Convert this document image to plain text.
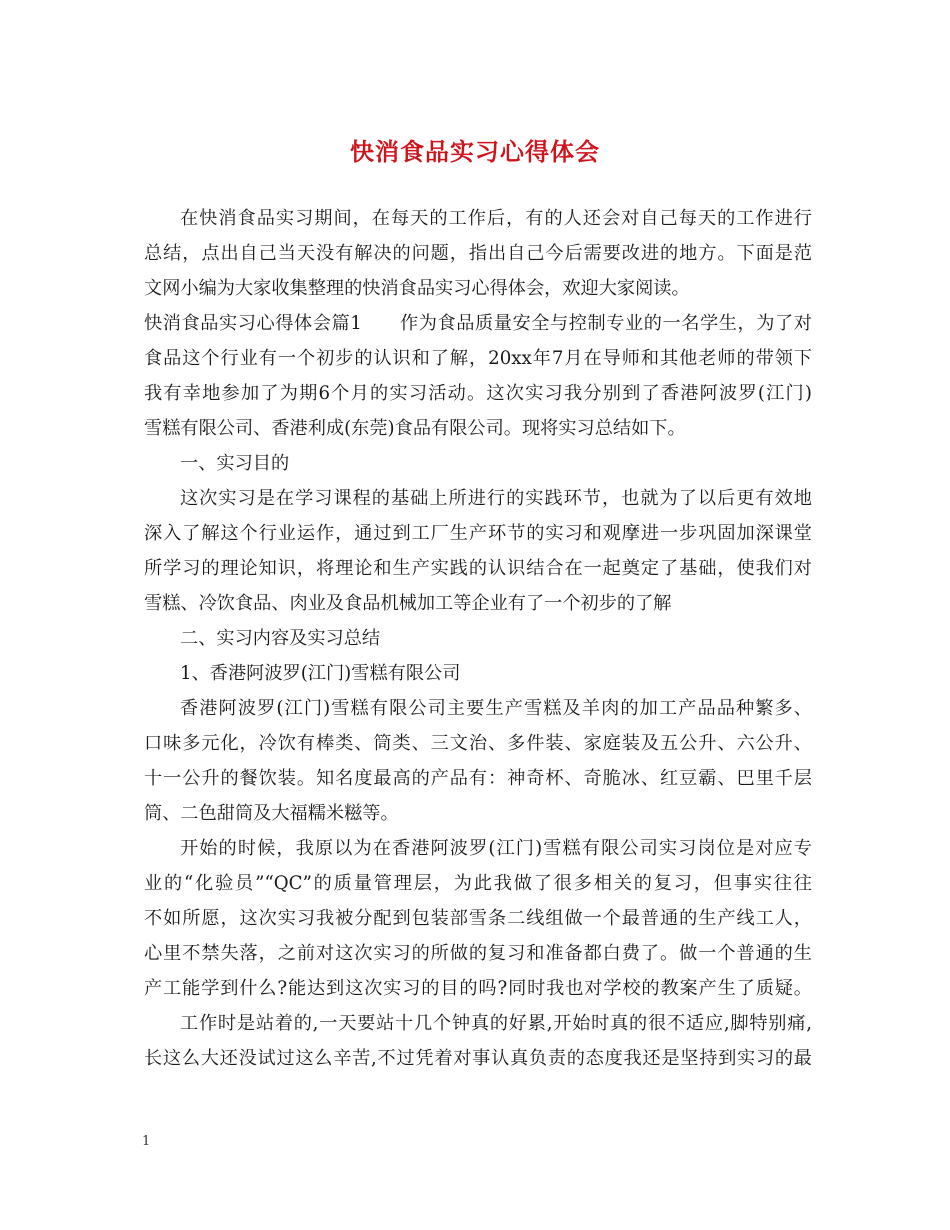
快消食品实习心得体会

在快消食品实习期间，在每天的工作后，有的人还会对自己每天的工作进行

总结，点出自己当天没有解决的问题，指出自己今后需要改进的地方。下面是范

文网小编为大家收集整理的快消食品实习心得体会，欢迎大家阅读。

快消食品实习心得体会篇1　　作为食品质量安全与控制专业的一名学生，为了对

食品这个行业有一个初步的认识和了解，20xx年7月在导师和其他老师的带领下

我有幸地参加了为期6个月的实习活动。这次实习我分别到了香港阿波罗(江门)

雪糕有限公司、香港利成(东莞)食品有限公司。现将实习总结如下。

一、实习目的

这次实习是在学习课程的基础上所进行的实践环节，也就为了以后更有效地

深入了解这个行业运作，通过到工厂生产环节的实习和观摩进一步巩固加深课堂

所学习的理论知识，将理论和生产实践的认识结合在一起奠定了基础，使我们对

雪糕、冷饮食品、肉业及食品机械加工等企业有了一个初步的了解

二、实习内容及实习总结

1、香港阿波罗(江门)雪糕有限公司

香港阿波罗(江门)雪糕有限公司主要生产雪糕及羊肉的加工产品品种繁多、

口味多元化，冷饮有棒类、筒类、三文治、多件装、家庭装及五公升、六公升、

十一公升的餐饮装。知名度最高的产品有：神奇杯、奇脆冰、红豆霸、巴里千层

筒、二色甜筒及大福糯米糍等。

开始的时候，我原以为在香港阿波罗(江门)雪糕有限公司实习岗位是对应专

业的“化验员”“QC”的质量管理层，为此我做了很多相关的复习，但事实往往

不如所愿，这次实习我被分配到包装部雪条二线组做一个最普通的生产线工人，

心里不禁失落，之前对这次实习的所做的复习和准备都白费了。做一个普通的生

产工能学到什么?能达到这次实习的目的吗?同时我也对学校的教案产生了质疑。

工作时是站着的,一天要站十几个钟真的好累,开始时真的很不适应,脚特别痛,

长这么大还没试过这么辛苦,不过凭着对事认真负责的态度我还是坚持到实习的最

1
